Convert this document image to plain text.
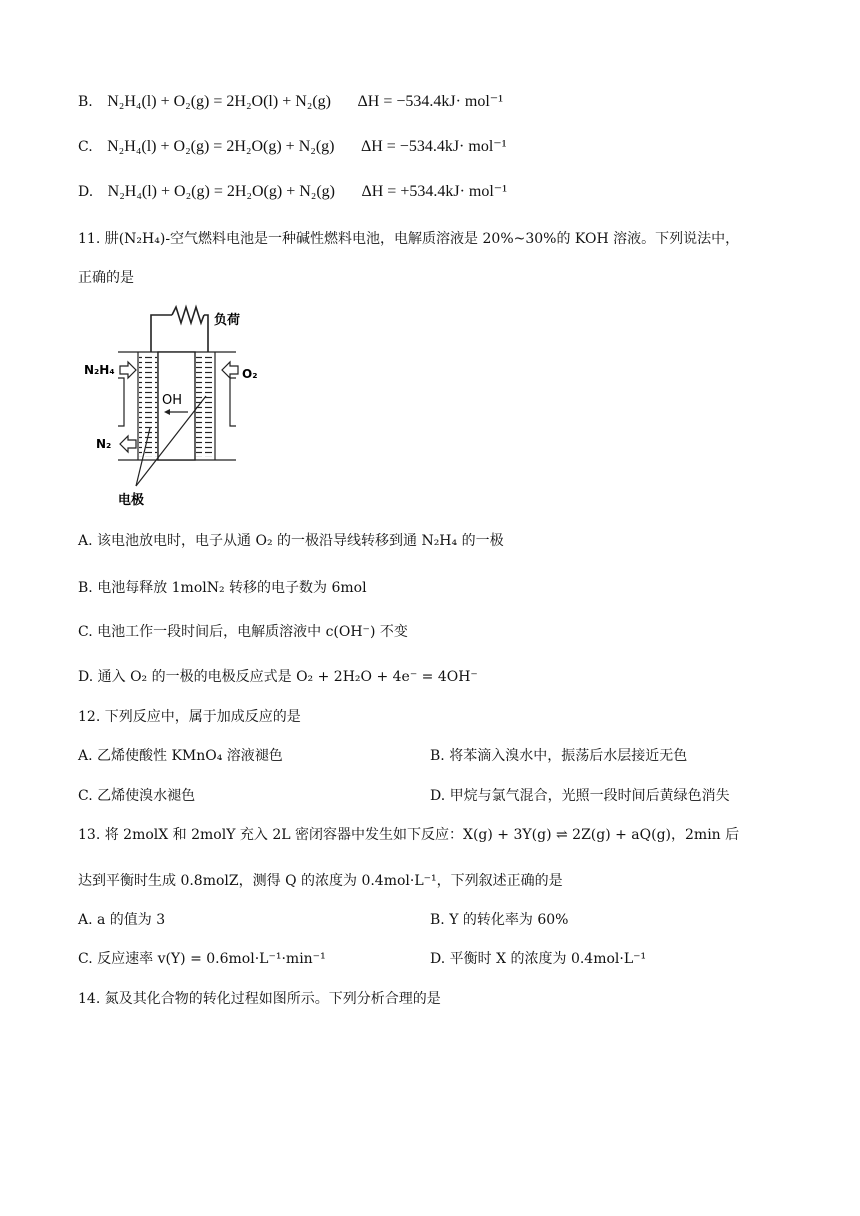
B. N₂H₄(l) + O₂(g) = 2H₂O(l) + N₂(g) ΔH = −534.4kJ· mol⁻¹
C. N₂H₄(l) + O₂(g) = 2H₂O(g) + N₂(g) ΔH = −534.4kJ· mol⁻¹
D. N₂H₄(l) + O₂(g) = 2H₂O(g) + N₂(g) ΔH = +534.4kJ· mol⁻¹
11. 肼(N₂H₄)-空气燃料电池是一种碱性燃料电池，电解质溶液是 20%~30%的 KOH 溶液。下列说法中，
正确的是
负荷
OH
N₂H₄
N₂
O₂
电极
A. 该电池放电时，电子从通 O₂ 的一极沿导线转移到通 N₂H₄ 的一极
B. 电池每释放 1molN₂ 转移的电子数为 6mol
C. 电池工作一段时间后，电解质溶液中 c(OH⁻) 不变
D. 通入 O₂ 的一极的电极反应式是 O₂ + 2H₂O + 4e⁻ = 4OH⁻
12. 下列反应中，属于加成反应的是
A. 乙烯使酸性 KMnO₄ 溶液褪色	B. 将苯滴入溴水中，振荡后水层接近无色
C. 乙烯使溴水褪色	D. 甲烷与氯气混合，光照一段时间后黄绿色消失
13. 将 2molX 和 2molY 充入 2L 密闭容器中发生如下反应：X(g) + 3Y(g) ⇌ 2Z(g) + aQ(g)，2min 后
达到平衡时生成 0.8molZ，测得 Q 的浓度为 0.4mol·L⁻¹，下列叙述正确的是
A. a 的值为 3	B. Y 的转化率为 60%
C. 反应速率 v(Y) = 0.6mol·L⁻¹·min⁻¹	D. 平衡时 X 的浓度为 0.4mol·L⁻¹
14. 氮及其化合物的转化过程如图所示。下列分析合理的是
